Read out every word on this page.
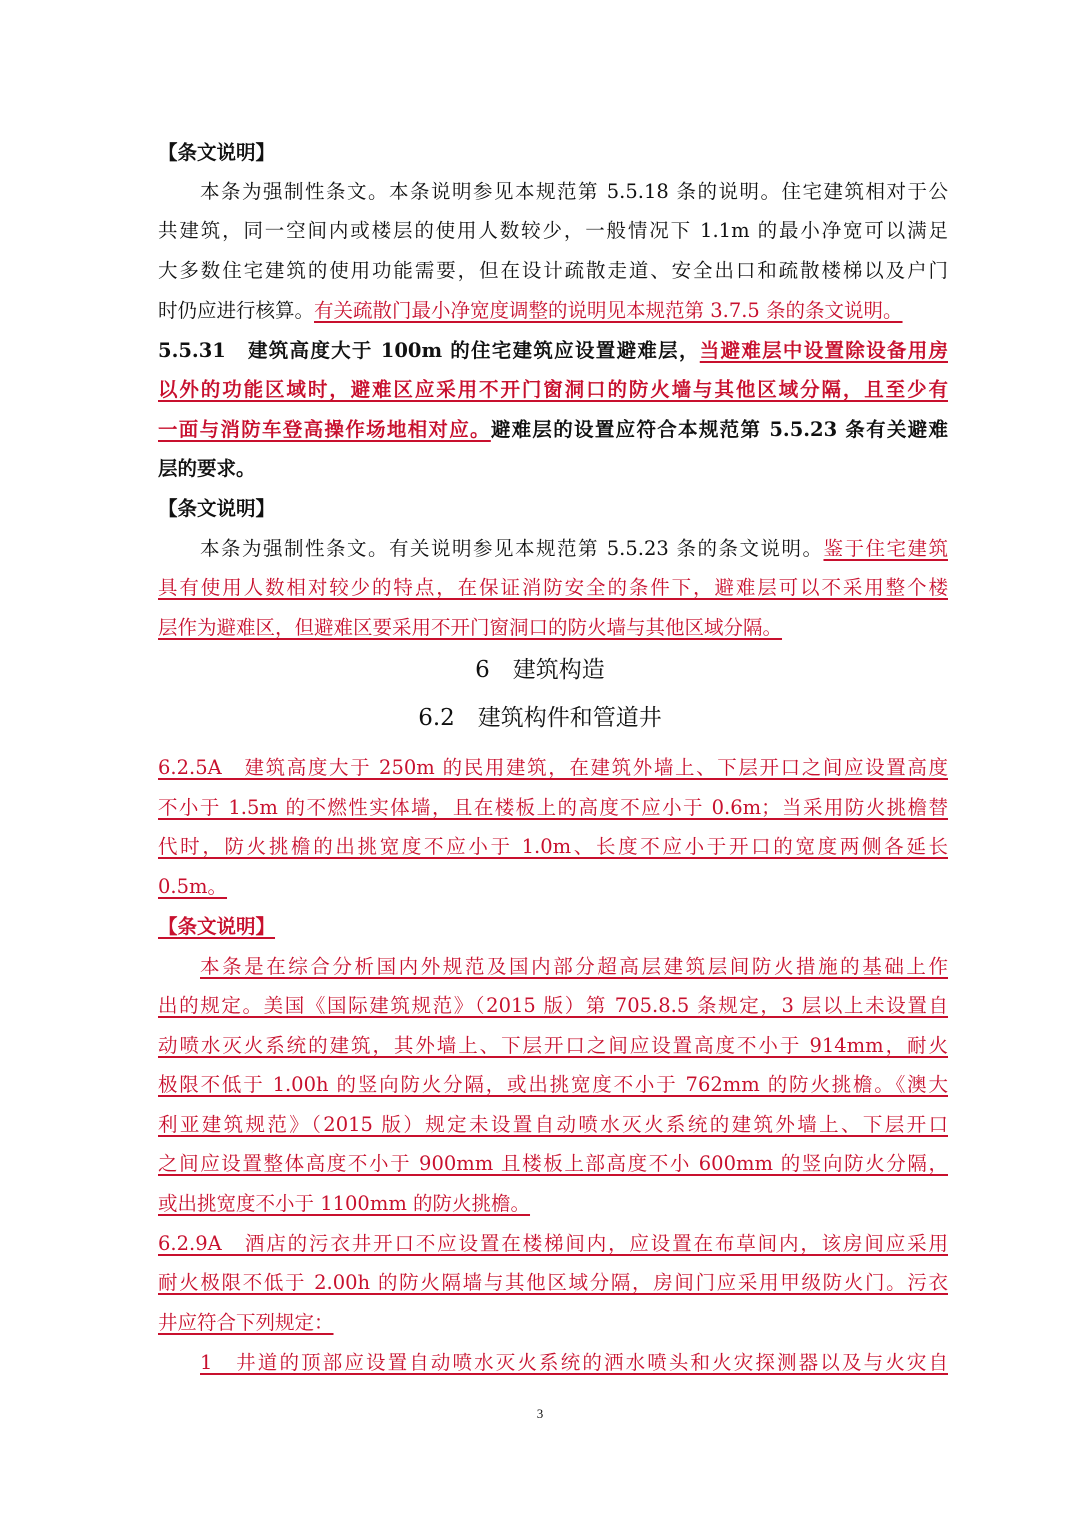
【条文说明】
本条为强制性条文。本条说明参见本规范第 5.5.18 条的说明。住宅建筑相对于公
共建筑，同一空间内或楼层的使用人数较少，一般情况下 1.1m 的最小净宽可以满足
大多数住宅建筑的使用功能需要，但在设计疏散走道、安全出口和疏散楼梯以及户门
时仍应进行核算。有关疏散门最小净宽度调整的说明见本规范第 3.7.5 条的条文说明。
5.5.31　建筑高度大于 100m 的住宅建筑应设置避难层，当避难层中设置除设备用房
以外的功能区域时，避难区应采用不开门窗洞口的防火墙与其他区域分隔，且至少有
一面与消防车登高操作场地相对应。避难层的设置应符合本规范第 5.5.23 条有关避难
层的要求。
【条文说明】
本条为强制性条文。有关说明参见本规范第 5.5.23 条的条文说明。鉴于住宅建筑
具有使用人数相对较少的特点，在保证消防安全的条件下，避难层可以不采用整个楼
层作为避难区，但避难区要采用不开门窗洞口的防火墙与其他区域分隔。
6　建筑构造
6.2　建筑构件和管道井
6.2.5A　建筑高度大于 250m 的民用建筑，在建筑外墙上、下层开口之间应设置高度
不小于 1.5m 的不燃性实体墙，且在楼板上的高度不应小于 0.6m；当采用防火挑檐替
代时，防火挑檐的出挑宽度不应小于 1.0m、长度不应小于开口的宽度两侧各延长
0.5m。
【条文说明】
本条是在综合分析国内外规范及国内部分超高层建筑层间防火措施的基础上作
出的规定。美国《国际建筑规范》（2015 版）第 705.8.5 条规定，3 层以上未设置自
动喷水灭火系统的建筑，其外墙上、下层开口之间应设置高度不小于 914mm，耐火
极限不低于 1.00h 的竖向防火分隔，或出挑宽度不小于 762mm 的防火挑檐。《澳大
利亚建筑规范》（2015 版）规定未设置自动喷水灭火系统的建筑外墙上、下层开口
之间应设置整体高度不小于 900mm 且楼板上部高度不小 600mm 的竖向防火分隔，
或出挑宽度不小于 1100mm 的防火挑檐。
6.2.9A　酒店的污衣井开口不应设置在楼梯间内，应设置在布草间内，该房间应采用
耐火极限不低于 2.00h 的防火隔墙与其他区域分隔，房间门应采用甲级防火门。污衣
井应符合下列规定：
1　井道的顶部应设置自动喷水灭火系统的洒水喷头和火灾探测器以及与火灾自
3
